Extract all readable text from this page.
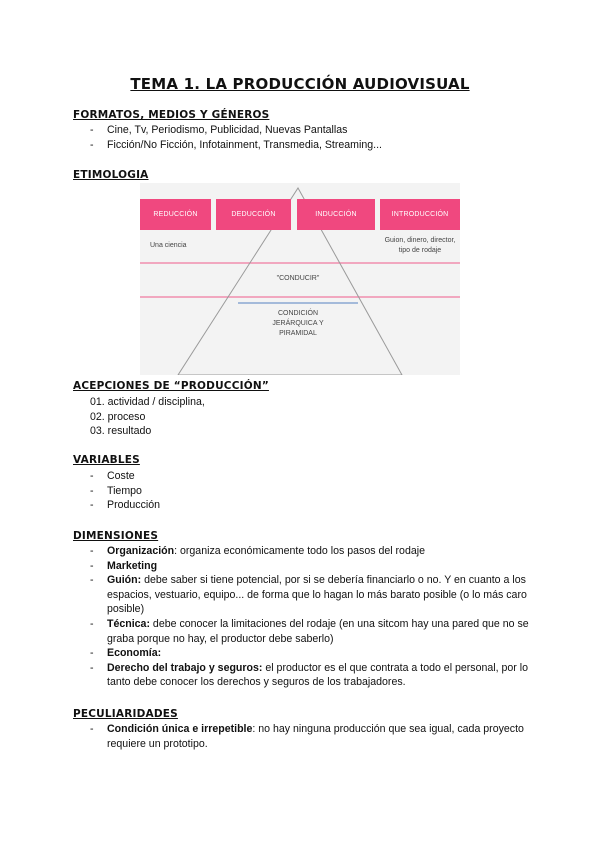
TEMA 1. LA PRODUCCIÓN AUDIOVISUAL
FORMATOS, MEDIOS Y GÉNEROS
-	Cine, Tv, Periodismo, Publicidad, Nuevas Pantallas
-	Ficción/No Ficción, Infotainment, Transmedia, Streaming...
ETIMOLOGIA
REDUCCIÓN	DEDUCCIÓN	INDUCCIÓN	INTRODUCCIÓN
Una ciencia
Guion, dinero, director,
tipo de rodaje
"CONDUCIR"
CONDICIÓN
JERÁRQUICA Y
PIRAMIDAL
ACEPCIONES DE “PRODUCCIÓN”
01. actividad / disciplina,
02. proceso
03. resultado
VARIABLES
-	Coste
-	Tiempo
-	Producción
DIMENSIONES
-	Organización: organiza económicamente todo los pasos del rodaje
-	Marketing
-	Guión: debe saber si tiene potencial, por si se debería financiarlo o no. Y en cuanto a los espacios, vestuario, equipo... de forma que lo hagan lo más barato posible (o lo más caro posible)
-	Técnica: debe conocer la limitaciones del rodaje (en una sitcom hay una pared que no se graba porque no hay, el productor debe saberlo)
-	Economía:
-	Derecho del trabajo y seguros: el productor es el que contrata a todo el personal, por lo tanto debe conocer los derechos y seguros de los trabajadores.
PECULIARIDADES
-	Condición única e irrepetible: no hay ninguna producción que sea igual, cada proyecto requiere un prototipo.
